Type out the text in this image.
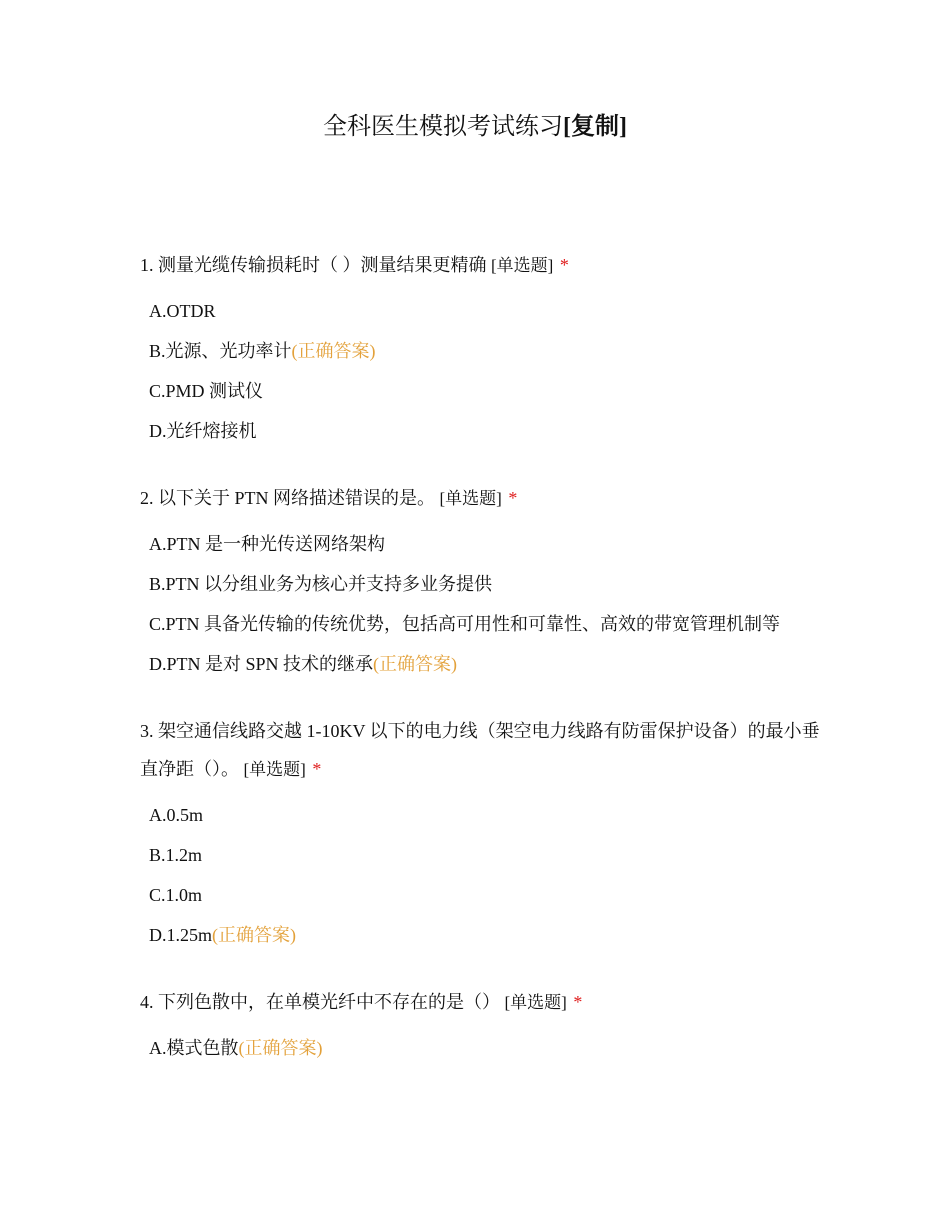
全科医生模拟考试练习[复制]
1. 测量光缆传输损耗时（ ）测量结果更精确 [单选题] *
A.OTDR
B.光源、光功率计(正确答案)
C.PMD 测试仪
D.光纤熔接机
2. 以下关于 PTN 网络描述错误的是。 [单选题] *
A.PTN 是一种光传送网络架构
B.PTN 以分组业务为核心并支持多业务提供
C.PTN 具备光传输的传统优势，包括高可用性和可靠性、高效的带宽管理机制等
D.PTN 是对 SPN 技术的继承(正确答案)
3. 架空通信线路交越 1-10KV 以下的电力线（架空电力线路有防雷保护设备）的最小垂直净距（）。 [单选题] *
A.0.5m
B.1.2m
C.1.0m
D.1.25m(正确答案)
4. 下列色散中，在单模光纤中不存在的是（） [单选题] *
A.模式色散(正确答案)
